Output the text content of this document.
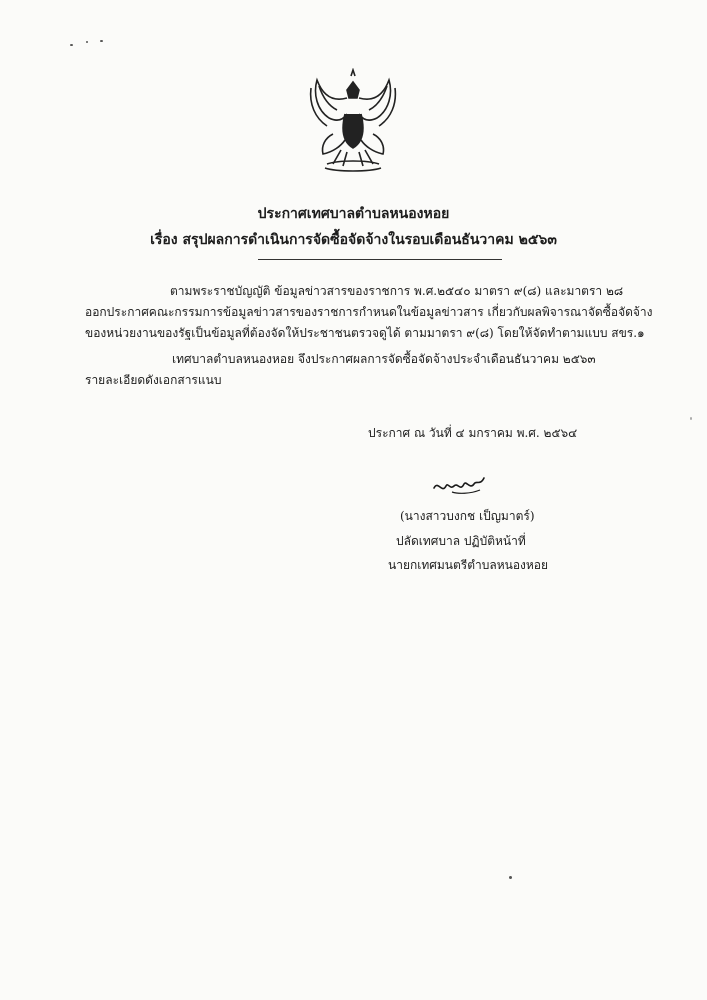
ประกาศเทศบาลตำบลหนองหอย
เรื่อง สรุปผลการดำเนินการจัดซื้อจัดจ้างในรอบเดือนธันวาคม ๒๕๖๓
ตามพระราชบัญญัติ ข้อมูลข่าวสารของราชการ พ.ศ.๒๕๔๐ มาตรา ๙(๘) และมาตรา ๒๘
ออกประกาศคณะกรรมการข้อมูลข่าวสารของราชการกำหนดในข้อมูลข่าวสาร เกี่ยวกับผลพิจารณาจัดซื้อจัดจ้าง
ของหน่วยงานของรัฐเป็นข้อมูลที่ต้องจัดให้ประชาชนตรวจดูได้ ตามมาตรา ๙(๘) โดยให้จัดทำตามแบบ สขร.๑
เทศบาลตำบลหนองหอย จึงประกาศผลการจัดซื้อจัดจ้างประจำเดือนธันวาคม ๒๕๖๓
รายละเอียดดังเอกสารแนบ
ประกาศ ณ วันที่ ๔ มกราคม พ.ศ. ๒๕๖๔
(นางสาวบงกช เป็ญมาตร์)
ปลัดเทศบาล ปฏิบัติหน้าที่
นายกเทศมนตรีตำบลหนองหอย
